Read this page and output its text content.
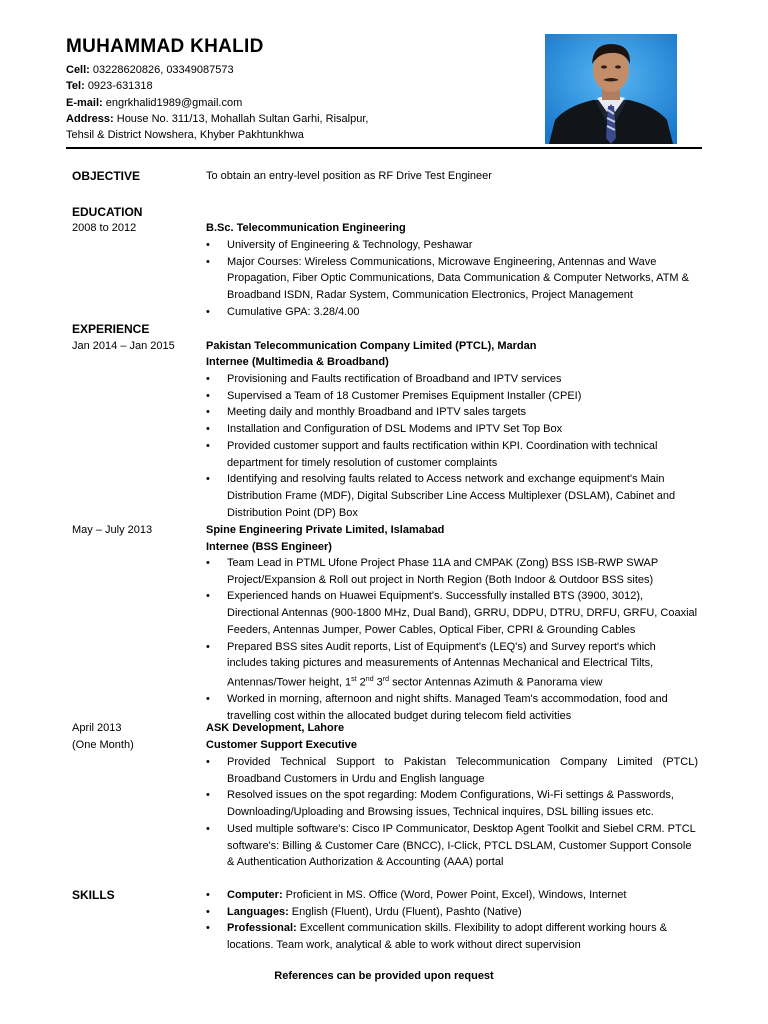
MUHAMMAD KHALID
Cell: 03228620826, 03349087573
Tel: 0923-631318
E-mail: engrkhalid1989@gmail.com
Address: House No. 311/13, Mohallah Sultan Garhi, Risalpur,
Tehsil & District Nowshera, Khyber Pakhtunkhwa
OBJECTIVE	To obtain an entry-level position as RF Drive Test Engineer
EDUCATION
2008 to 2012	B.Sc. Telecommunication Engineering
• University of Engineering & Technology, Peshawar
• Major Courses: Wireless Communications, Microwave Engineering, Antennas and Wave Propagation, Fiber Optic Communications, Data Communication & Computer Networks, ATM & Broadband ISDN, Radar System, Communication Electronics, Project Management
• Cumulative GPA: 3.28/4.00
EXPERIENCE
Jan 2014 – Jan 2015	Pakistan Telecommunication Company Limited (PTCL), Mardan
Internee (Multimedia & Broadband)
• Provisioning and Faults rectification of Broadband and IPTV services
• Supervised a Team of 18 Customer Premises Equipment Installer (CPEI)
• Meeting daily and monthly Broadband and IPTV sales targets
• Installation and Configuration of DSL Modems and IPTV Set Top Box
• Provided customer support and faults rectification within KPI. Coordination with technical department for timely resolution of customer complaints
• Identifying and resolving faults related to Access network and exchange equipment's Main Distribution Frame (MDF), Digital Subscriber Line Access Multiplexer (DSLAM), Cabinet and Distribution Point (DP) Box
May – July 2013	Spine Engineering Private Limited, Islamabad
Internee (BSS Engineer)
• Team Lead in PTML Ufone Project Phase 11A and CMPAK (Zong) BSS ISB-RWP SWAP Project/Expansion & Roll out project in North Region (Both Indoor & Outdoor BSS sites)
• Experienced hands on Huawei Equipment's. Successfully installed BTS (3900, 3012), Directional Antennas (900-1800 MHz, Dual Band), GRRU, DDPU, DTRU, DRFU, GRFU, Coaxial Feeders, Antennas Jumper, Power Cables, Optical Fiber, CPRI & Grounding Cables
• Prepared BSS sites Audit reports, List of Equipment's (LEQ's) and Survey report's which includes taking pictures and measurements of Antennas Mechanical and Electrical Tilts, Antennas/Tower height, 1st 2nd 3rd sector Antennas Azimuth & Panorama view
• Worked in morning, afternoon and night shifts. Managed Team's accommodation, food and travelling cost within the allocated budget during telecom field activities
April 2013
(One Month)
ASK Development, Lahore
Customer Support Executive
• Provided Technical Support to Pakistan Telecommunication Company Limited (PTCL) Broadband Customers in Urdu and English language
• Resolved issues on the spot regarding: Modem Configurations, Wi-Fi settings & Passwords, Downloading/Uploading and Browsing issues, Technical inquires, DSL billing issues etc.
• Used multiple software's: Cisco IP Communicator, Desktop Agent Toolkit and Siebel CRM. PTCL software's: Billing & Customer Care (BNCC), I-Click, PTCL DSLAM, Customer Support Console & Authentication Authorization & Accounting (AAA) portal
SKILLS
•	Computer: Proficient in MS. Office (Word, Power Point, Excel), Windows, Internet
• Languages: English (Fluent), Urdu (Fluent), Pashto (Native)
• Professional: Excellent communication skills. Flexibility to adopt different working hours & locations. Team work, analytical & able to work without direct supervision
References can be provided upon request
